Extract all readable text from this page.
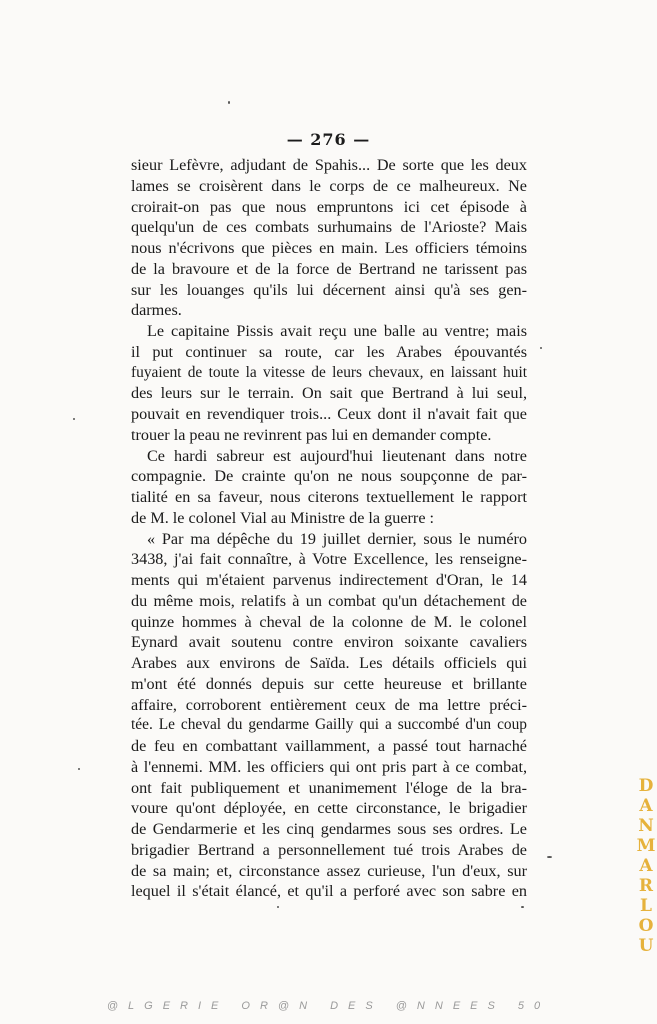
— 276 —
sieur Lefèvre, adjudant de Spahis... De sorte que les deux
lames se croisèrent dans le corps de ce malheureux. Ne
croirait-on pas que nous empruntons ici cet épisode à
quelqu'un de ces combats surhumains de l'Arioste? Mais
nous n'écrivons que pièces en main. Les officiers témoins
de la bravoure et de la force de Bertrand ne tarissent pas
sur les louanges qu'ils lui décernent ainsi qu'à ses gen-
darmes.
Le capitaine Pissis avait reçu une balle au ventre; mais
il put continuer sa route, car les Arabes épouvantés
fuyaient de toute la vitesse de leurs chevaux, en laissant huit
des leurs sur le terrain. On sait que Bertrand à lui seul,
pouvait en revendiquer trois... Ceux dont il n'avait fait que
trouer la peau ne revinrent pas lui en demander compte.
Ce hardi sabreur est aujourd'hui lieutenant dans notre
compagnie. De crainte qu'on ne nous soupçonne de par-
tialité en sa faveur, nous citerons textuellement le rapport
de M. le colonel Vial au Ministre de la guerre :
« Par ma dépêche du 19 juillet dernier, sous le numéro
3438, j'ai fait connaître, à Votre Excellence, les renseigne-
ments qui m'étaient parvenus indirectement d'Oran, le 14
du même mois, relatifs à un combat qu'un détachement de
quinze hommes à cheval de la colonne de M. le colonel
Eynard avait soutenu contre environ soixante cavaliers
Arabes aux environs de Saïda. Les détails officiels qui
m'ont été donnés depuis sur cette heureuse et brillante
affaire, corroborent entièrement ceux de ma lettre préci-
tée. Le cheval du gendarme Gailly qui a succombé d'un coup
de feu en combattant vaillamment, a passé tout harnaché
à l'ennemi. MM. les officiers qui ont pris part à ce combat,
ont fait publiquement et unanimement l'éloge de la bra-
voure qu'ont déployée, en cette circonstance, le brigadier
de Gendarmerie et les cinq gendarmes sous ses ordres. Le
brigadier Bertrand a personnellement tué trois Arabes de
de sa main; et, circonstance assez curieuse, l'un d'eux, sur
lequel il s'était élancé, et qu'il a perforé avec son sabre en
D
A
N
M
A
R
L
O
U
@LGERIE OR@N DES @NNEES 50
